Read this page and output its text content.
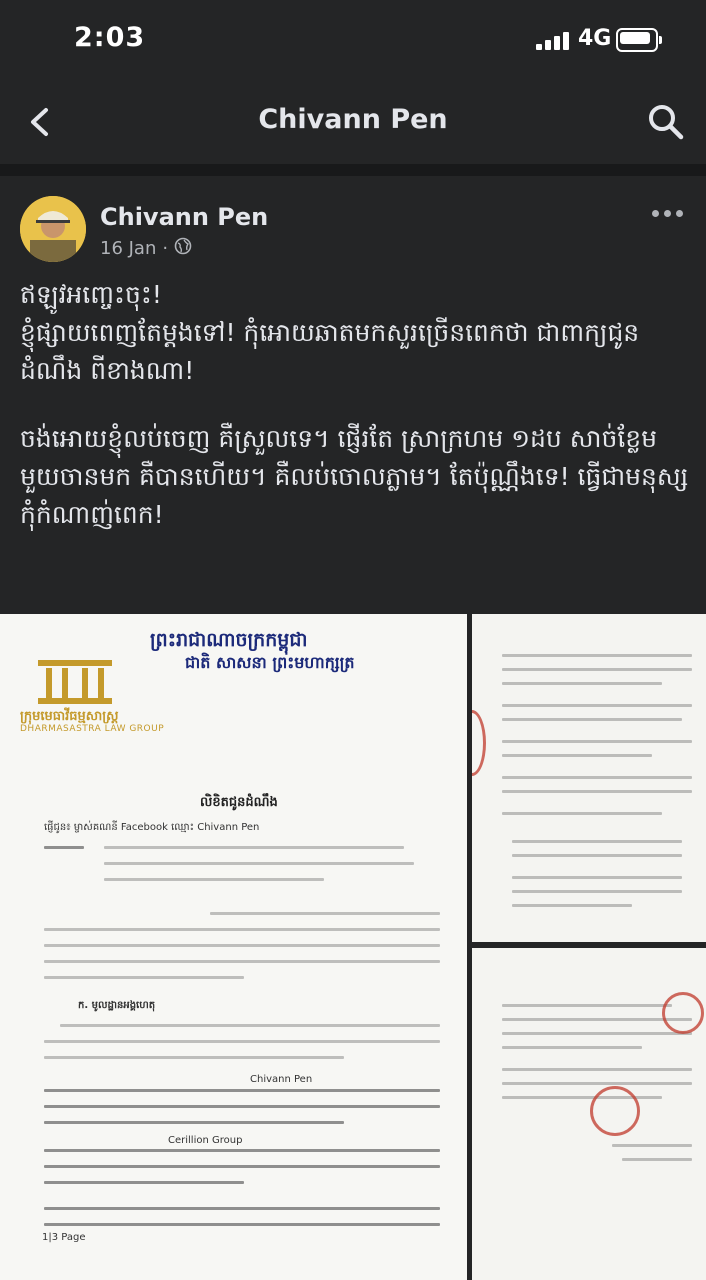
2:03	4G
Chivann Pen
Chivann Pen
16 Jan ·

ឥឡូវអញ្ចេះចុះ!
ខ្ញុំផ្សាយពេញតែម្ដងទៅ! កុំអោយឆាតមកសួរច្រើនពេកថា ជាពាក្យជូនដំណឹង ពីខាងណា!

ចង់អោយខ្ញុំលប់ចេញ គឺស្រួលទេ។ ផ្ញើរតែ ស្រាក្រហម ១ដប សាច់ខ្លែម មួយចានមក គឺបានហើយ។ គឺលប់ចោលភ្លាម។ តែប៉ុណ្ណឹងទេ! ធ្វើជាមនុស្ស កុំកំណាញ់ពេក!

ព្រះរាជាណាចក្រកម្ពុជា
ជាតិ សាសនា ព្រះមហាក្សត្រ
ក្រុមមេធាវីធម្មសាស្ត្រ
DHARMASASTRA LAW GROUP
លិខិតជូនដំណឹង
ផ្ញើជូន៖ ម្ចាស់គណនី Facebook ឈ្មោះ Chivann Pen
ក. មូលដ្ឋានអង្គហេតុ
Chivann Pen
Cerillion Group
1|3 Page
